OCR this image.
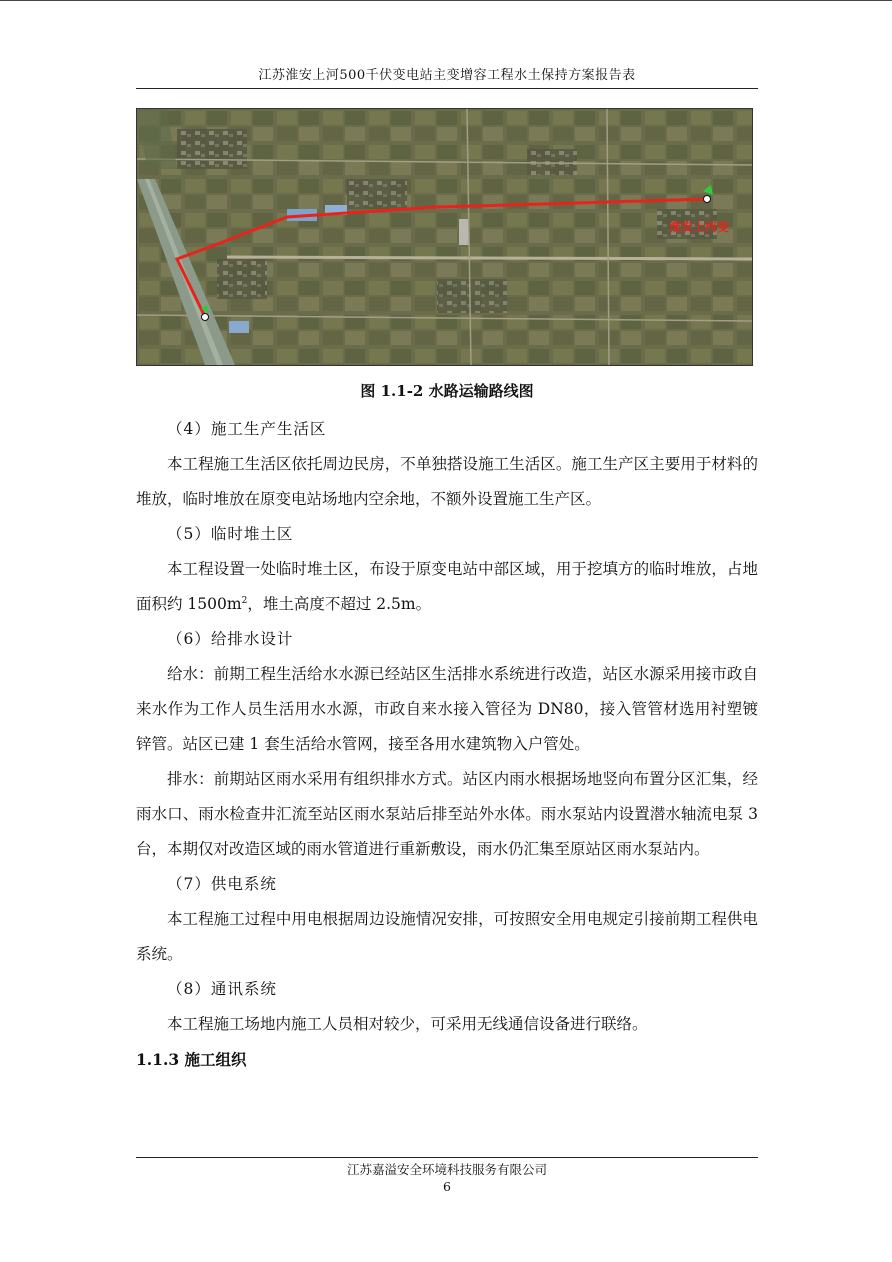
江苏淮安上河500千伏变电站主变增容工程水土保持方案报告表
淮安上河变
图 1.1-2 水路运输路线图

（4）施工生产生活区

本工程施工生活区依托周边民房，不单独搭设施工生活区。施工生产区主要用于材料的堆放，临时堆放在原变电站场地内空余地，不额外设置施工生产区。

（5）临时堆土区

本工程设置一处临时堆土区，布设于原变电站中部区域，用于挖填方的临时堆放，占地面积约 $1500m^2$，堆土高度不超过 2.5m。

（6）给排水设计

给水：前期工程生活给水水源已经站区生活排水系统进行改造，站区水源采用接市政自来水作为工作人员生活用水水源，市政自来水接入管径为 DN80，接入管管材选用衬塑镀锌管。站区已建 1 套生活给水管网，接至各用水建筑物入户管处。

排水：前期站区雨水采用有组织排水方式。站区内雨水根据场地竖向布置分区汇集，经雨水口、雨水检查井汇流至站区雨水泵站后排至站外水体。雨水泵站内设置潜水轴流电泵 3 台，本期仅对改造区域的雨水管道进行重新敷设，雨水仍汇集至原站区雨水泵站内。

（7）供电系统

本工程施工过程中用电根据周边设施情况安排，可按照安全用电规定引接前期工程供电系统。

（8）通讯系统

本工程施工场地内施工人员相对较少，可采用无线通信设备进行联络。

1.1.3 施工组织

江苏嘉溢安全环境科技服务有限公司
6
